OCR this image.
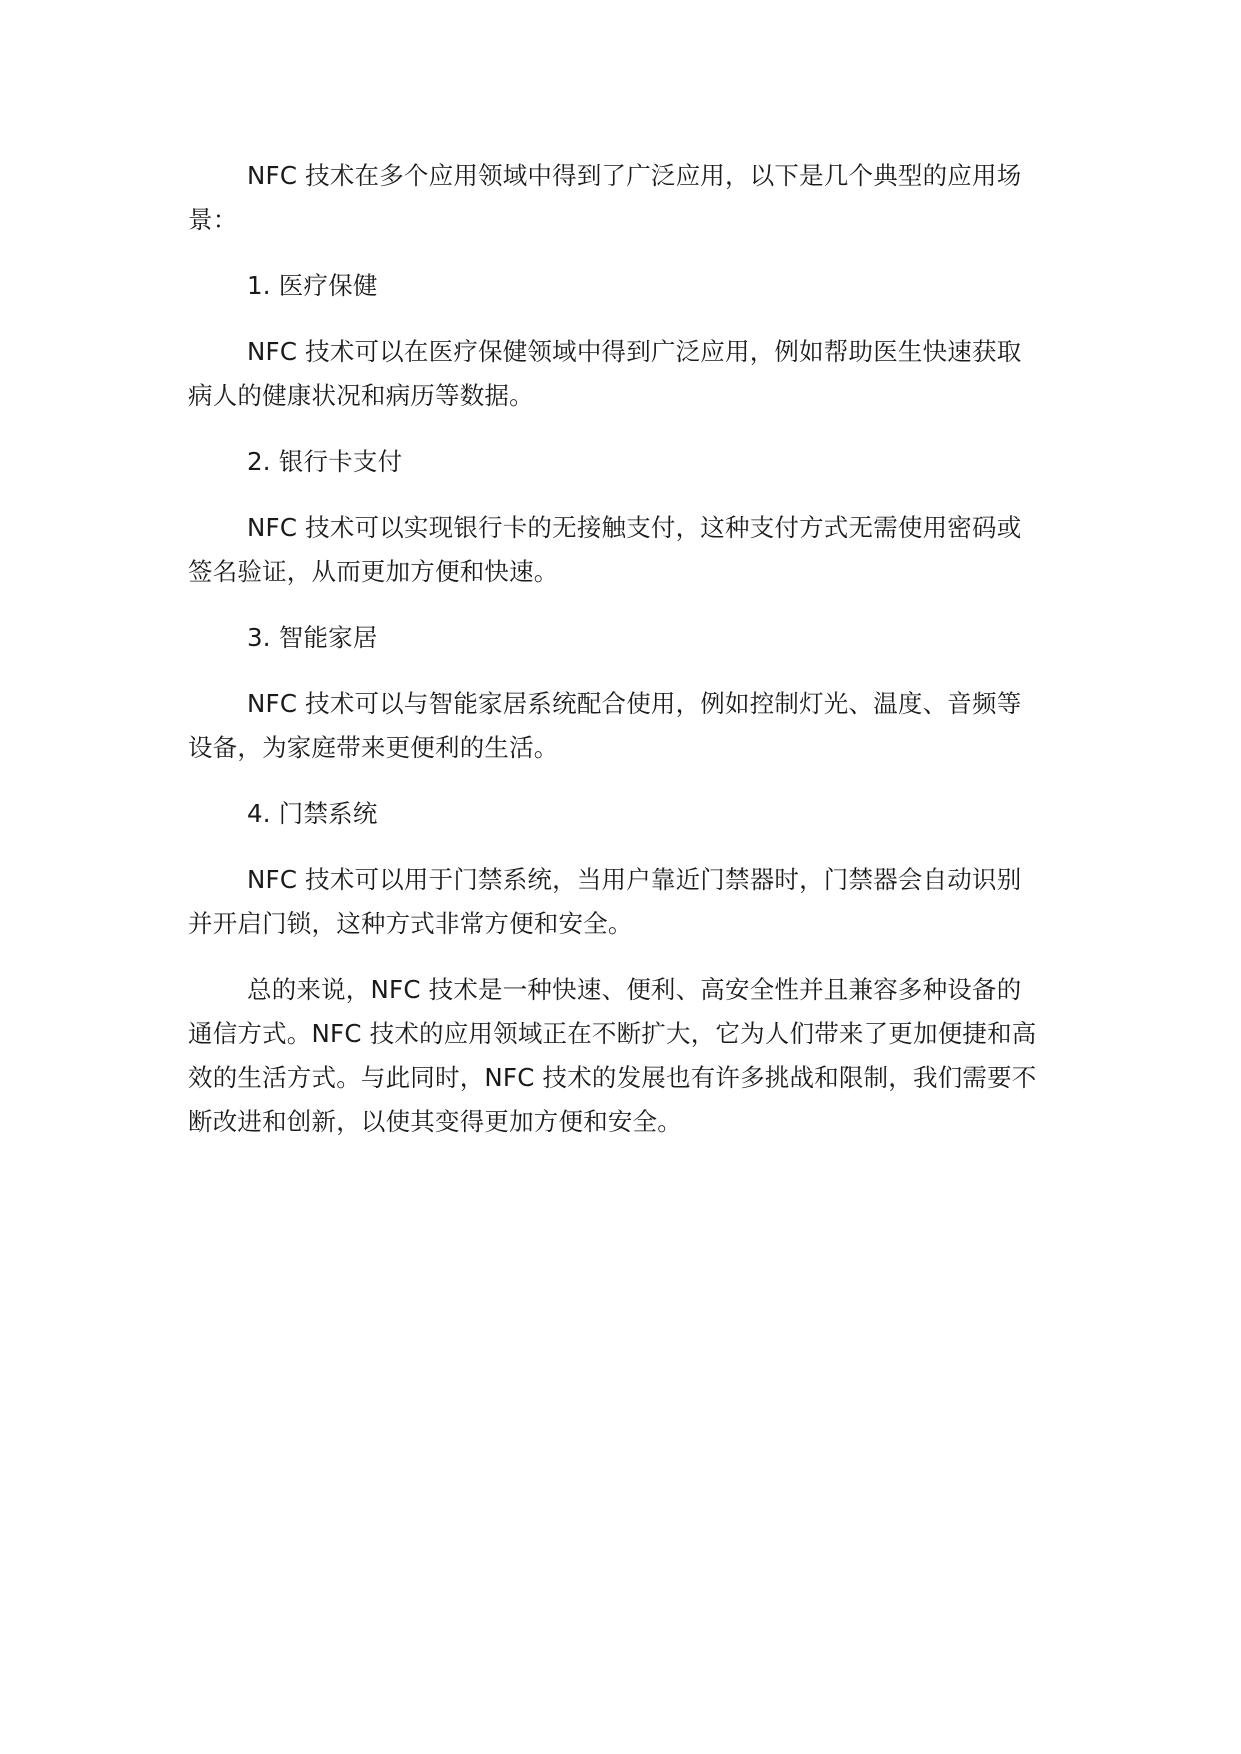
NFC 技术在多个应用领域中得到了广泛应用，以下是几个典型的应用场景：

1. 医疗保健

NFC 技术可以在医疗保健领域中得到广泛应用，例如帮助医生快速获取病人的健康状况和病历等数据。

2. 银行卡支付

NFC 技术可以实现银行卡的无接触支付，这种支付方式无需使用密码或签名验证，从而更加方便和快速。

3. 智能家居

NFC 技术可以与智能家居系统配合使用，例如控制灯光、温度、音频等设备，为家庭带来更便利的生活。

4. 门禁系统

NFC 技术可以用于门禁系统，当用户靠近门禁器时，门禁器会自动识别并开启门锁，这种方式非常方便和安全。

总的来说，NFC 技术是一种快速、便利、高安全性并且兼容多种设备的通信方式。NFC 技术的应用领域正在不断扩大，它为人们带来了更加便捷和高效的生活方式。与此同时，NFC 技术的发展也有许多挑战和限制，我们需要不断改进和创新，以使其变得更加方便和安全。
